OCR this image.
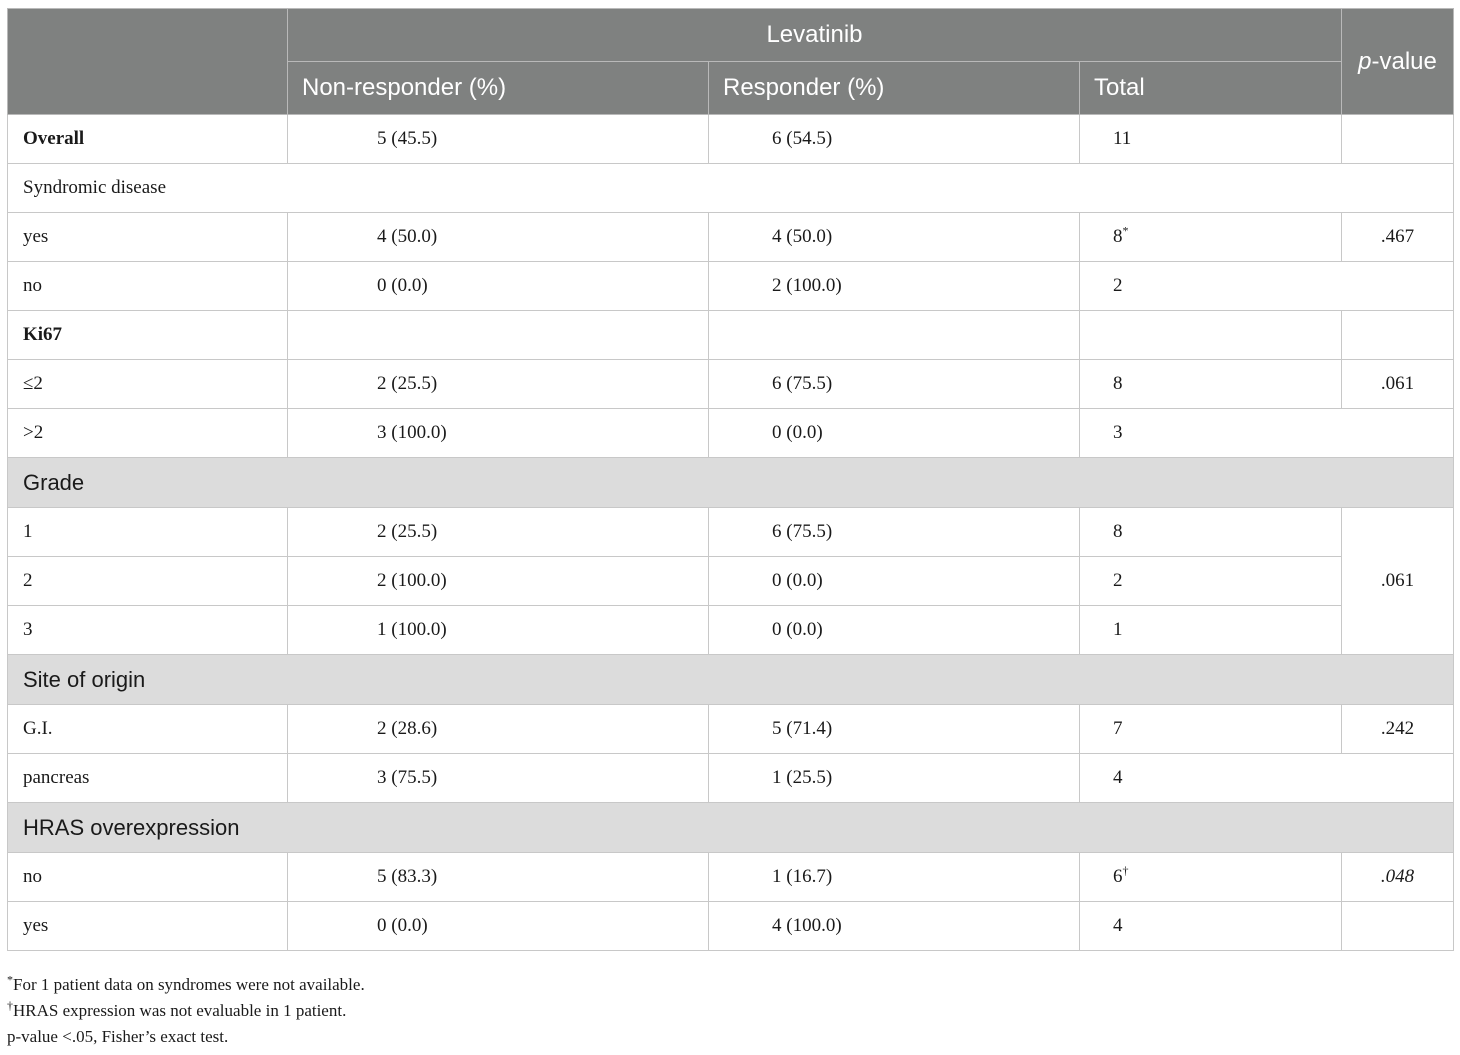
	Levatinib			p-value
	Non-responder (%)	Responder (%)	Total	
Overall	5 (45.5)	6 (54.5)	11	
Syndromic disease				
yes	4 (50.0)	4 (50.0)	8*	.467
no	0 (0.0)	2 (100.0)	2	
Ki67				
≤2	2 (25.5)	6 (75.5)	8	.061
>2	3 (100.0)	0 (0.0)	3	
Grade				
1	2 (25.5)	6 (75.5)	8	.061
2	2 (100.0)	0 (0.0)	2	
3	1 (100.0)	0 (0.0)	1	
Site of origin				
G.I.	2 (28.6)	5 (71.4)	7	.242
pancreas	3 (75.5)	1 (25.5)	4	
HRAS overexpression				
no	5 (83.3)	1 (16.7)	6†	.048
yes	0 (0.0)	4 (100.0)	4	
*For 1 patient data on syndromes were not available.
†HRAS expression was not evaluable in 1 patient.
p-value <.05, Fisher’s exact test.
